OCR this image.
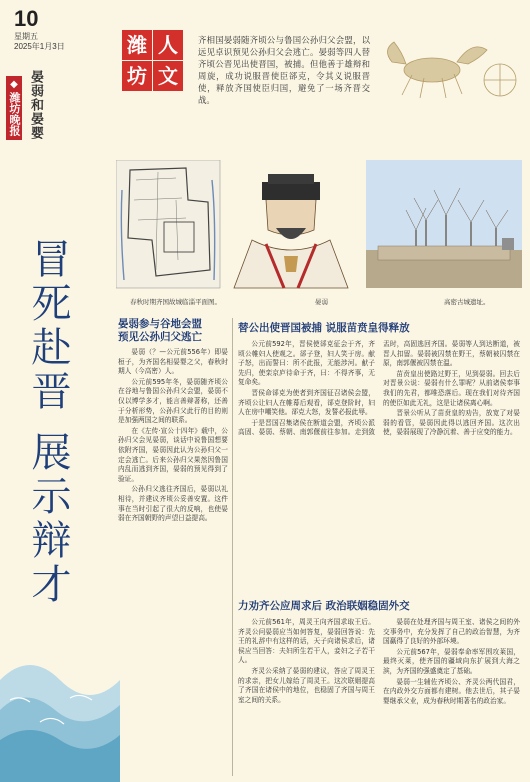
10
星期五
2025年1月3日
◆
潍坊晚报 晏弱和晏婴
潍 人
坊 文
齐相国晏弱随齐顷公与鲁国公孙归父会盟，以远见卓识预见公孙归父会逃亡。晏弱等四人替齐顷公晋见出使晋国，被捕。但他善于雄辩和周旋，成功说服晋使臣郤克，令其义说服晋使，释放齐国使臣归国，避免了一场齐晋交战。
冒死赴晋 展示辩才	春秋时期齐国故城临淄平面图。	晏弱	高密古城遗址。
晏弱参与谷地会盟
预见公孙归父逃亡

晏弱（？—公元前556年）即晏桓子，为齐国名相晏婴之父，春秋时期人（今高密）人。

公元前595年冬，晏弱随齐顷公在谷地与鲁国公孙归父会盟，晏弱不仅以博学多才，能言善辩著称，还善于分析形势，公孙归父此行的目的则是加强两国之间的联系。

在《左传·宣公十四年》载中，公孙归父会见晏弱，谈话中说鲁国想要依附齐国，晏弱因此认为公孙归父一定会逃亡。后来公孙归父果然因鲁国内乱而逃到齐国，晏弱的预见得到了验证。

公孙归父逃往齐国后，晏弱以礼相待，并建议齐顷公妥善安置。这件事在当时引起了很大的反响，也使晏弱在齐国朝野的声望日益提高。

替公出使晋国被捕 说服苗贲皇得释放

公元前592年，晋侯使郤克征会于齐，齐顷公帷妇人使观之。郤子登，妇人笑于房。献子怒，出而誓曰：所不此报，无能涉河。献子先归，使栾京庐待命于齐，曰：不得齐事，无复命矣。

晋侯命郤克为使者到齐国征召诸侯会盟，齐顷公让妇人在帷幕后观看，郤克登阶时，妇人在房中嘲笑他。郤克大怒，发誓必报此辱。

于是晋国召集诸侯在断道会盟，齐顷公派高固、晏弱、蔡朝、南郭偃前往参加。走到敛盂时，高固逃回齐国。晏弱等人到达断道，被晋人扣留。晏弱被囚禁在野王，蔡朝被囚禁在原，南郭偃被囚禁在温。

苗贲皇出使路过野王，见到晏弱。回去后对晋景公说：晏弱有什么罪呢？从前诸侯奉事我们的先君，都唯恐落后。现在我们对待齐国的使臣如此无礼，这是让诸侯离心啊。

晋景公听从了苗贲皇的劝告，放宽了对晏弱的看管，晏弱因此得以逃回齐国。这次出使，晏弱展现了冷静沉着、善于应变的能力。

力劝齐公应周求后 政治联姻稳固外交

公元前561年，周灵王向齐国求取王后。齐灵公问晏弱应当如何答复，晏弱回答说：先王的礼辞中有这样的话，天子向诸侯求后，诸侯应当回答：夫妇所生若干人，妾妇之子若干人。

齐灵公采纳了晏弱的建议，答应了周灵王的求亲，把女儿嫁给了周灵王。这次联姻提高了齐国在诸侯中的地位，也稳固了齐国与周王室之间的关系。

晏弱在处理齐国与周王室、诸侯之间的外交事务中，充分发挥了自己的政治智慧，为齐国赢得了良好的外部环境。

公元前567年，晏弱奉命率军围攻莱国，最终灭莱，使齐国的疆域向东扩展到大海之滨，为齐国的强盛奠定了基础。

晏弱一生辅佐齐顷公、齐灵公两代国君，在内政外交方面都有建树。他去世后，其子晏婴继承父业，成为春秋时期著名的政治家。
